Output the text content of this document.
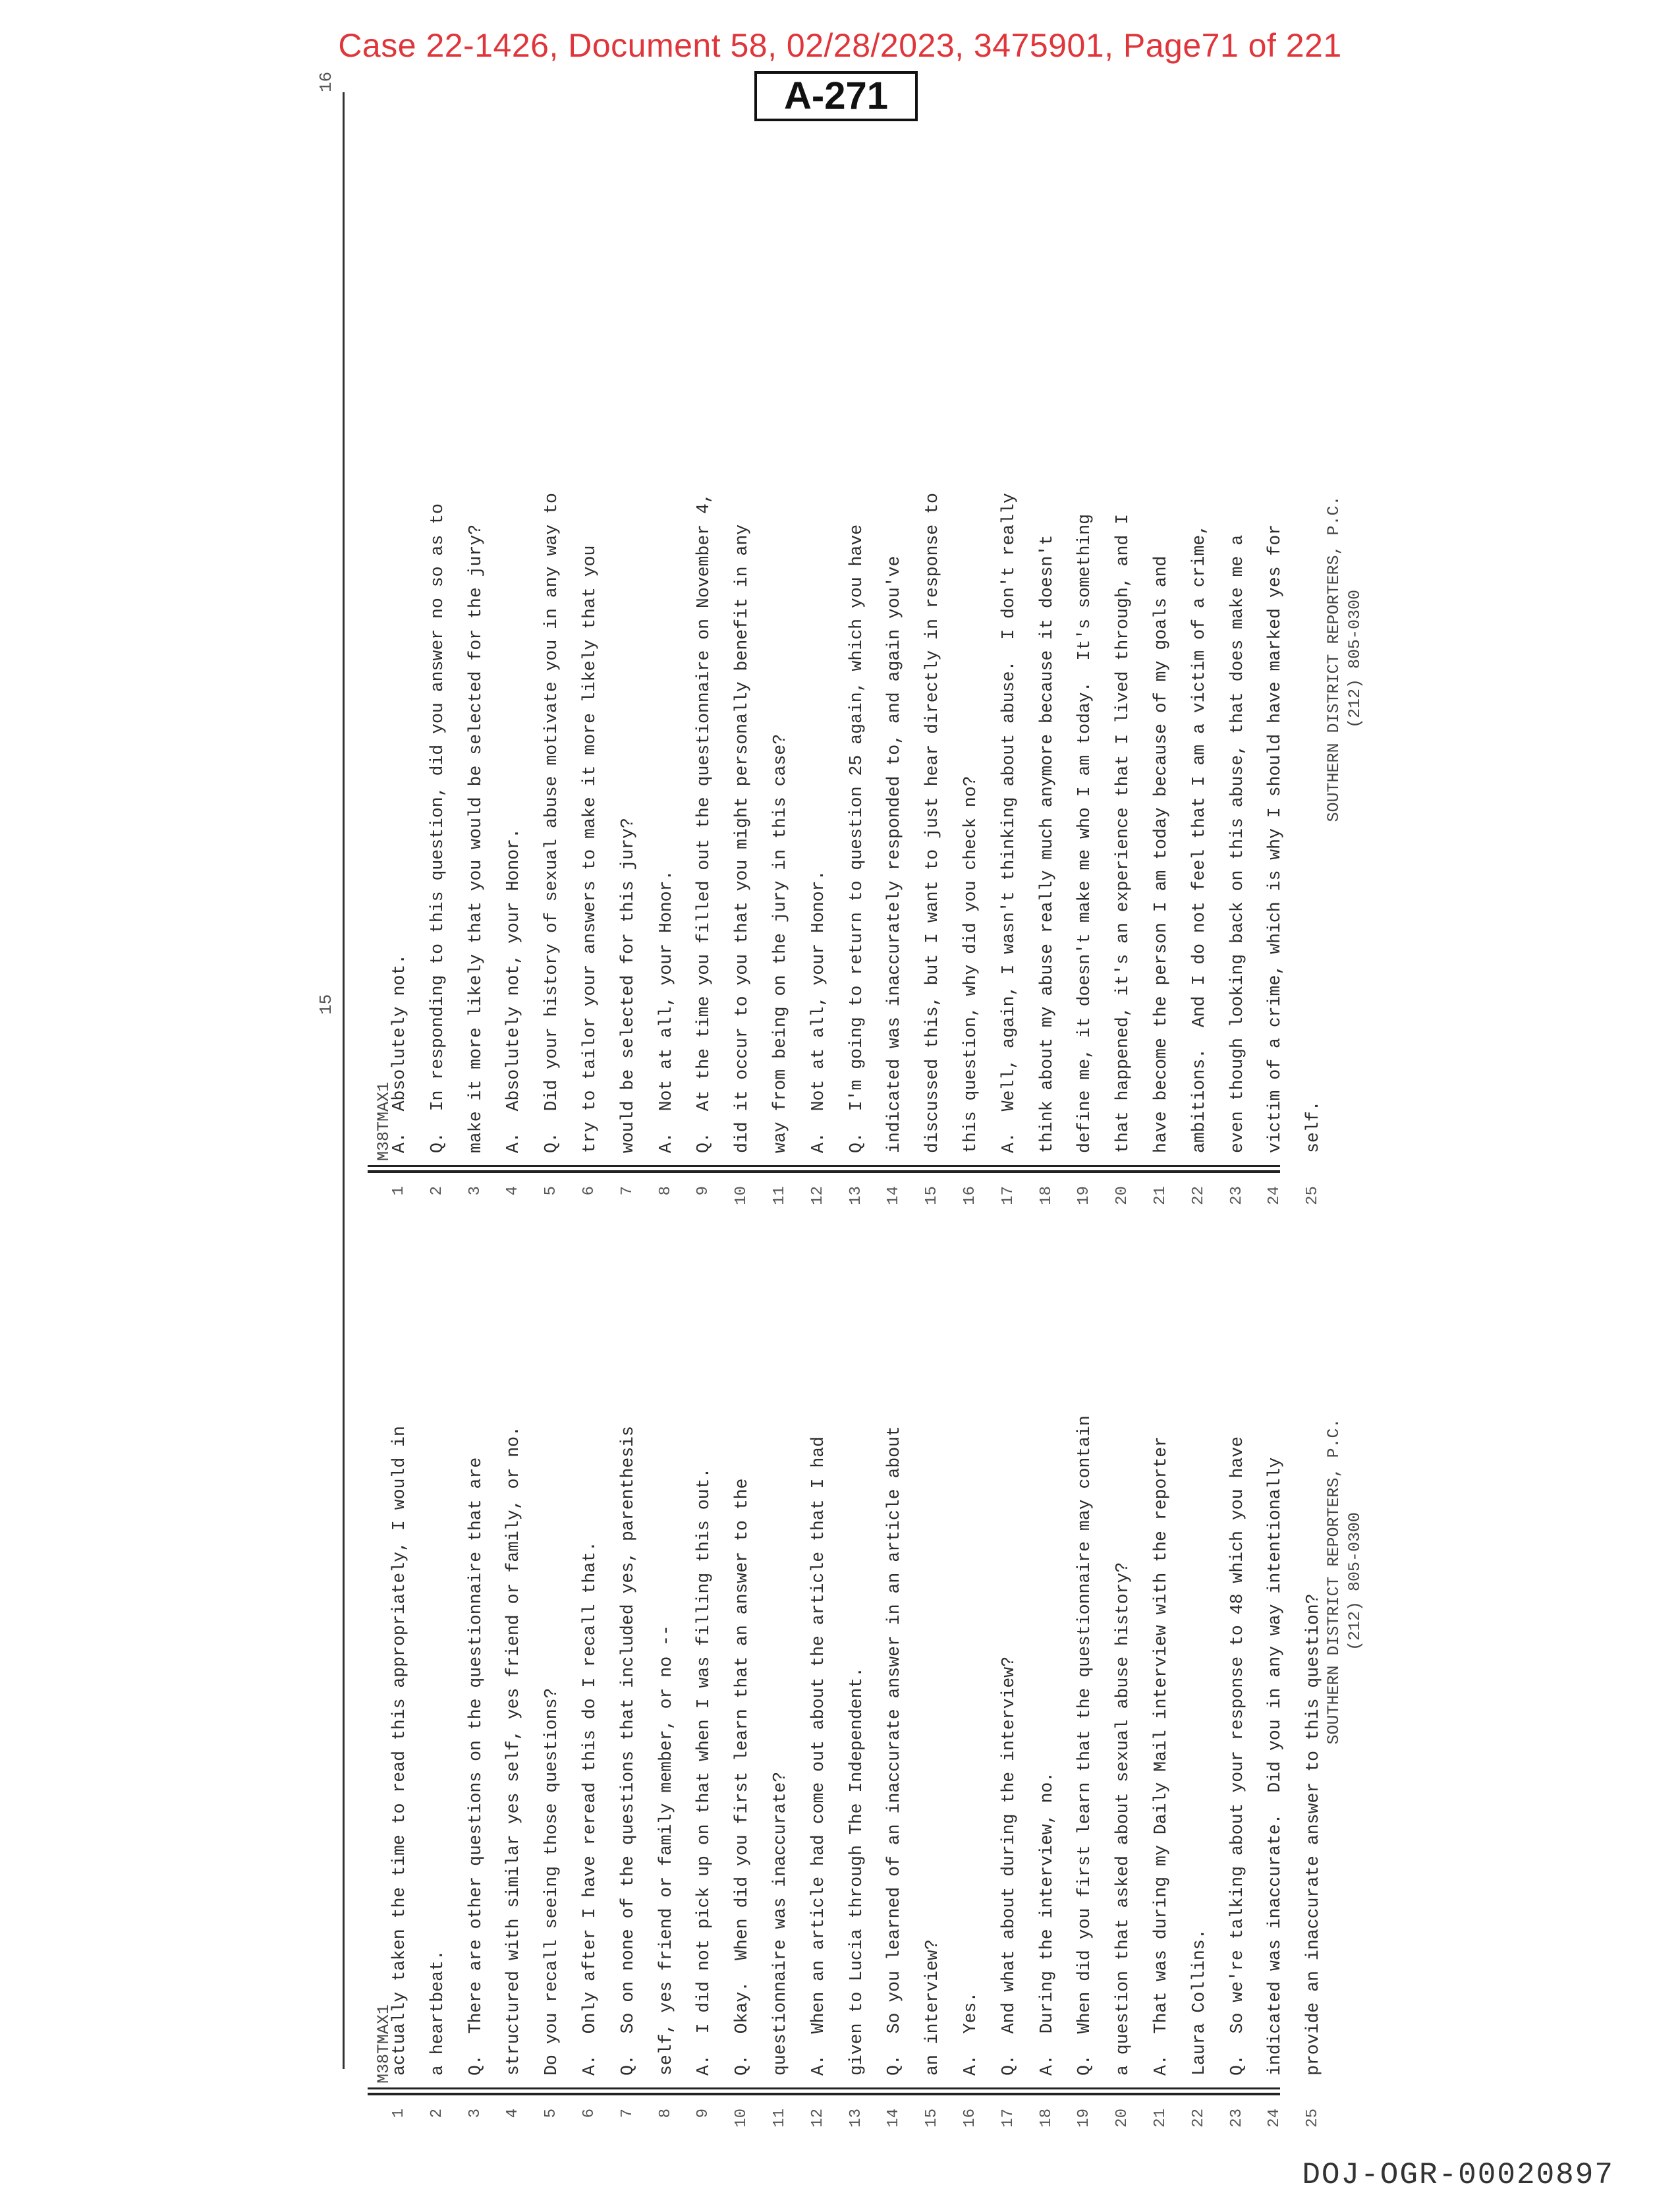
Case 22-1426, Document 58, 02/28/2023, 3475901, Page71 of 221
A-271
15
M38TMAX1
1
actually taken the time to read this appropriately, I would in
2
a heartbeat.
3
Q.  There are other questions on the questionnaire that are
4
structured with similar yes self, yes friend or family, or no.
5
Do you recall seeing those questions?
6
A.  Only after I have reread this do I recall that.
7
Q.  So on none of the questions that included yes, parenthesis
8
self, yes friend or family member, or no --
9
A.  I did not pick up on that when I was filling this out.
10
Q.  Okay.  When did you first learn that an answer to the
11
questionnaire was inaccurate?
12
A.  When an article had come out about the article that I had
13
given to Lucia through The Independent.
14
Q.  So you learned of an inaccurate answer in an article about
15
an interview?
16
A.  Yes.
17
Q.  And what about during the interview?
18
A.  During the interview, no.
19
Q.  When did you first learn that the questionnaire may contain
20
a question that asked about sexual abuse history?
21
A.  That was during my Daily Mail interview with the reporter
22
Laura Collins.
23
Q.  So we're talking about your response to 48 which you have
24
indicated was inaccurate.  Did you in any way intentionally
25
provide an inaccurate answer to this question?
SOUTHERN DISTRICT REPORTERS, P.C. (212) 805-0300
16
M38TMAX1
1
A.  Absolutely not.
2
Q.  In responding to this question, did you answer no so as to
3
make it more likely that you would be selected for the jury?
4
A.  Absolutely not, your Honor.
5
Q.  Did your history of sexual abuse motivate you in any way to
6
try to tailor your answers to make it more likely that you
7
would be selected for this jury?
8
A.  Not at all, your Honor.
9
Q.  At the time you filled out the questionnaire on November 4,
10
did it occur to you that you might personally benefit in any
11
way from being on the jury in this case?
12
A.  Not at all, your Honor.
13
Q.  I'm going to return to question 25 again, which you have
14
indicated was inaccurately responded to, and again you've
15
discussed this, but I want to just hear directly in response to
16
this question, why did you check no?
17
A.  Well, again, I wasn't thinking about abuse.  I don't really
18
think about my abuse really much anymore because it doesn't
19
define me, it doesn't make me who I am today.  It's something
20
that happened, it's an experience that I lived through, and I
21
have become the person I am today because of my goals and
22
ambitions.  And I do not feel that I am a victim of a crime,
23
even though looking back on this abuse, that does make me a
24
victim of a crime, which is why I should have marked yes for
25
self.
SOUTHERN DISTRICT REPORTERS, P.C. (212) 805-0300
DOJ-OGR-00020897
